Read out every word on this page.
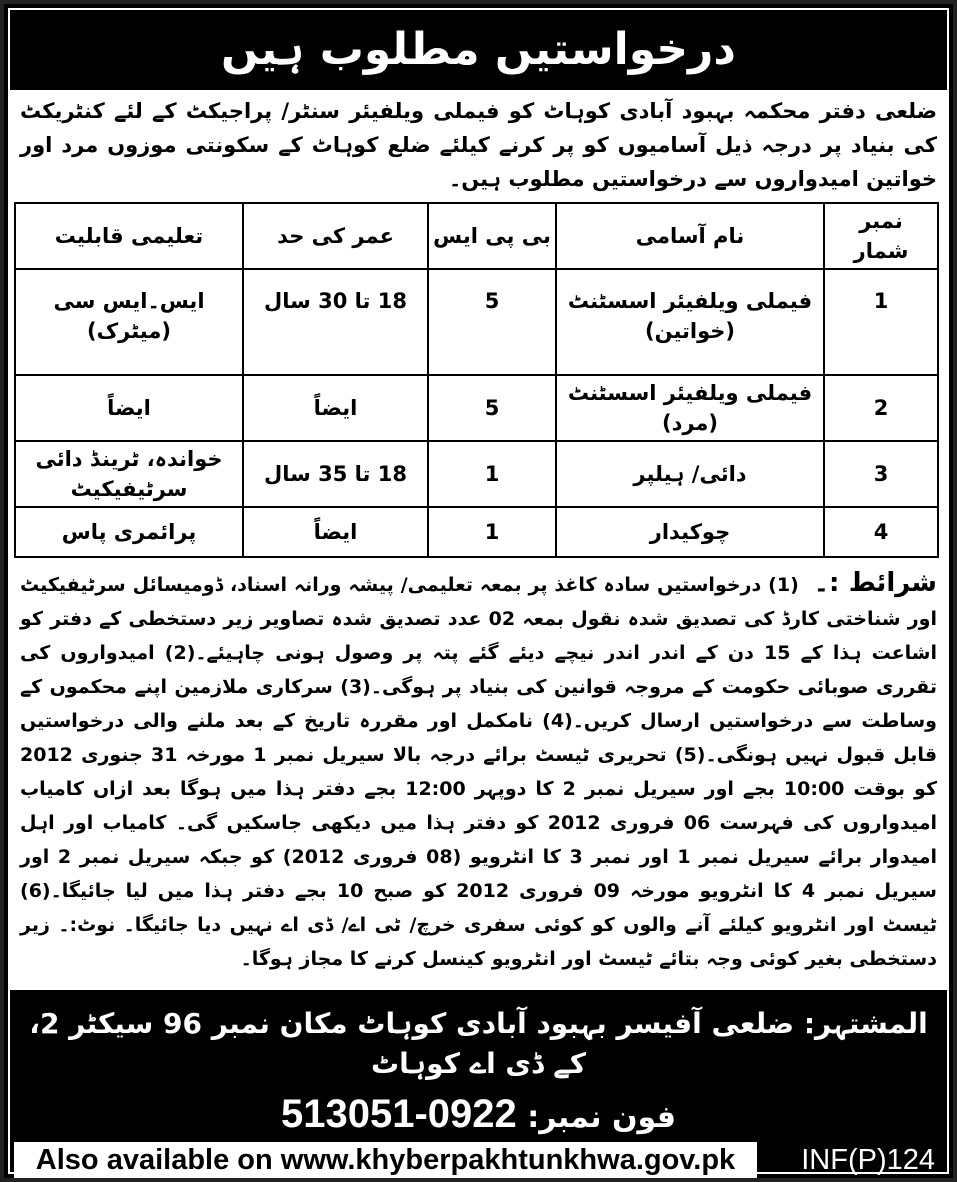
درخواستیں مطلوب ہیں
ضلعی دفتر محکمہ بہبود آبادی کوہاٹ کو فیملی ویلفیئر سنٹر/ پراجیکٹ کے لئے کنٹریکٹ کی بنیاد پر درجہ ذیل آسامیوں کو پر کرنے کیلئے ضلع کوہاٹ کے سکونتی موزوں مرد اور خواتین امیدواروں سے درخواستیں مطلوب ہیں۔
نمبر شمار	نام آسامی	بی پی ایس	عمر کی حد	تعلیمی قابلیت
1	فیملی ویلفیئر اسسٹنٹ (خواتین)	5	18 تا 30 سال	ایس۔ایس سی (میٹرک)
2	فیملی ویلفیئر اسسٹنٹ (مرد)	5	ایضاً	ایضاً
3	دائی/ ہیلپر	1	18 تا 35 سال	خواندہ، ٹرینڈ دائی سرٹیفیکیٹ
4	چوکیدار	1	ایضاً	پرائمری پاس
شرائط :۔ (1) درخواستیں سادہ کاغذ پر بمعہ تعلیمی/ پیشہ ورانہ اسناد، ڈومیسائل سرٹیفیکیٹ اور شناختی کارڈ کی تصدیق شدہ نقول بمعہ 02 عدد تصدیق شدہ تصاویر زیر دستخطی کے دفتر کو اشاعت ہذا کے 15 دن کے اندر اندر نیچے دیئے گئے پتہ پر وصول ہونی چاہیئے۔(2) امیدواروں کی تقرری صوبائی حکومت کے مروجہ قوانین کی بنیاد پر ہوگی۔(3) سرکاری ملازمین اپنے محکموں کے وساطت سے درخواستیں ارسال کریں۔(4) نامکمل اور مقررہ تاریخ کے بعد ملنے والی درخواستیں قابل قبول نہیں ہونگی۔(5) تحریری ٹیسٹ برائے درجہ بالا سیریل نمبر 1 مورخہ 31 جنوری 2012 کو بوقت 10:00 بجے اور سیریل نمبر 2 کا دوپہر 12:00 بجے دفتر ہذا میں ہوگا بعد ازاں کامیاب امیدواروں کی فہرست 06 فروری 2012 کو دفتر ہذا میں دیکھی جاسکیں گی۔ کامیاب اور اہل امیدوار برائے سیریل نمبر 1 اور نمبر 3 کا انٹرویو (08 فروری 2012) کو جبکہ سیریل نمبر 2 اور سیریل نمبر 4 کا انٹرویو مورخہ 09 فروری 2012 کو صبح 10 بجے دفتر ہذا میں لیا جائیگا۔(6) ٹیسٹ اور انٹرویو کیلئے آنے والوں کو کوئی سفری خرچ/ ٹی اے/ ڈی اے نہیں دیا جائیگا۔ نوٹ:۔ زیر دستخطی بغیر کوئی وجہ بتائے ٹیسٹ اور انٹرویو کینسل کرنے کا مجاز ہوگا۔
المشتہر: ضلعی آفیسر بہبود آبادی کوہاٹ مکان نمبر 96 سیکٹر 2، کے ڈی اے کوہاٹ
فون نمبر: 0922-513051
Also available on www.khyberpakhtunkhwa.gov.pk	INF(P)124
